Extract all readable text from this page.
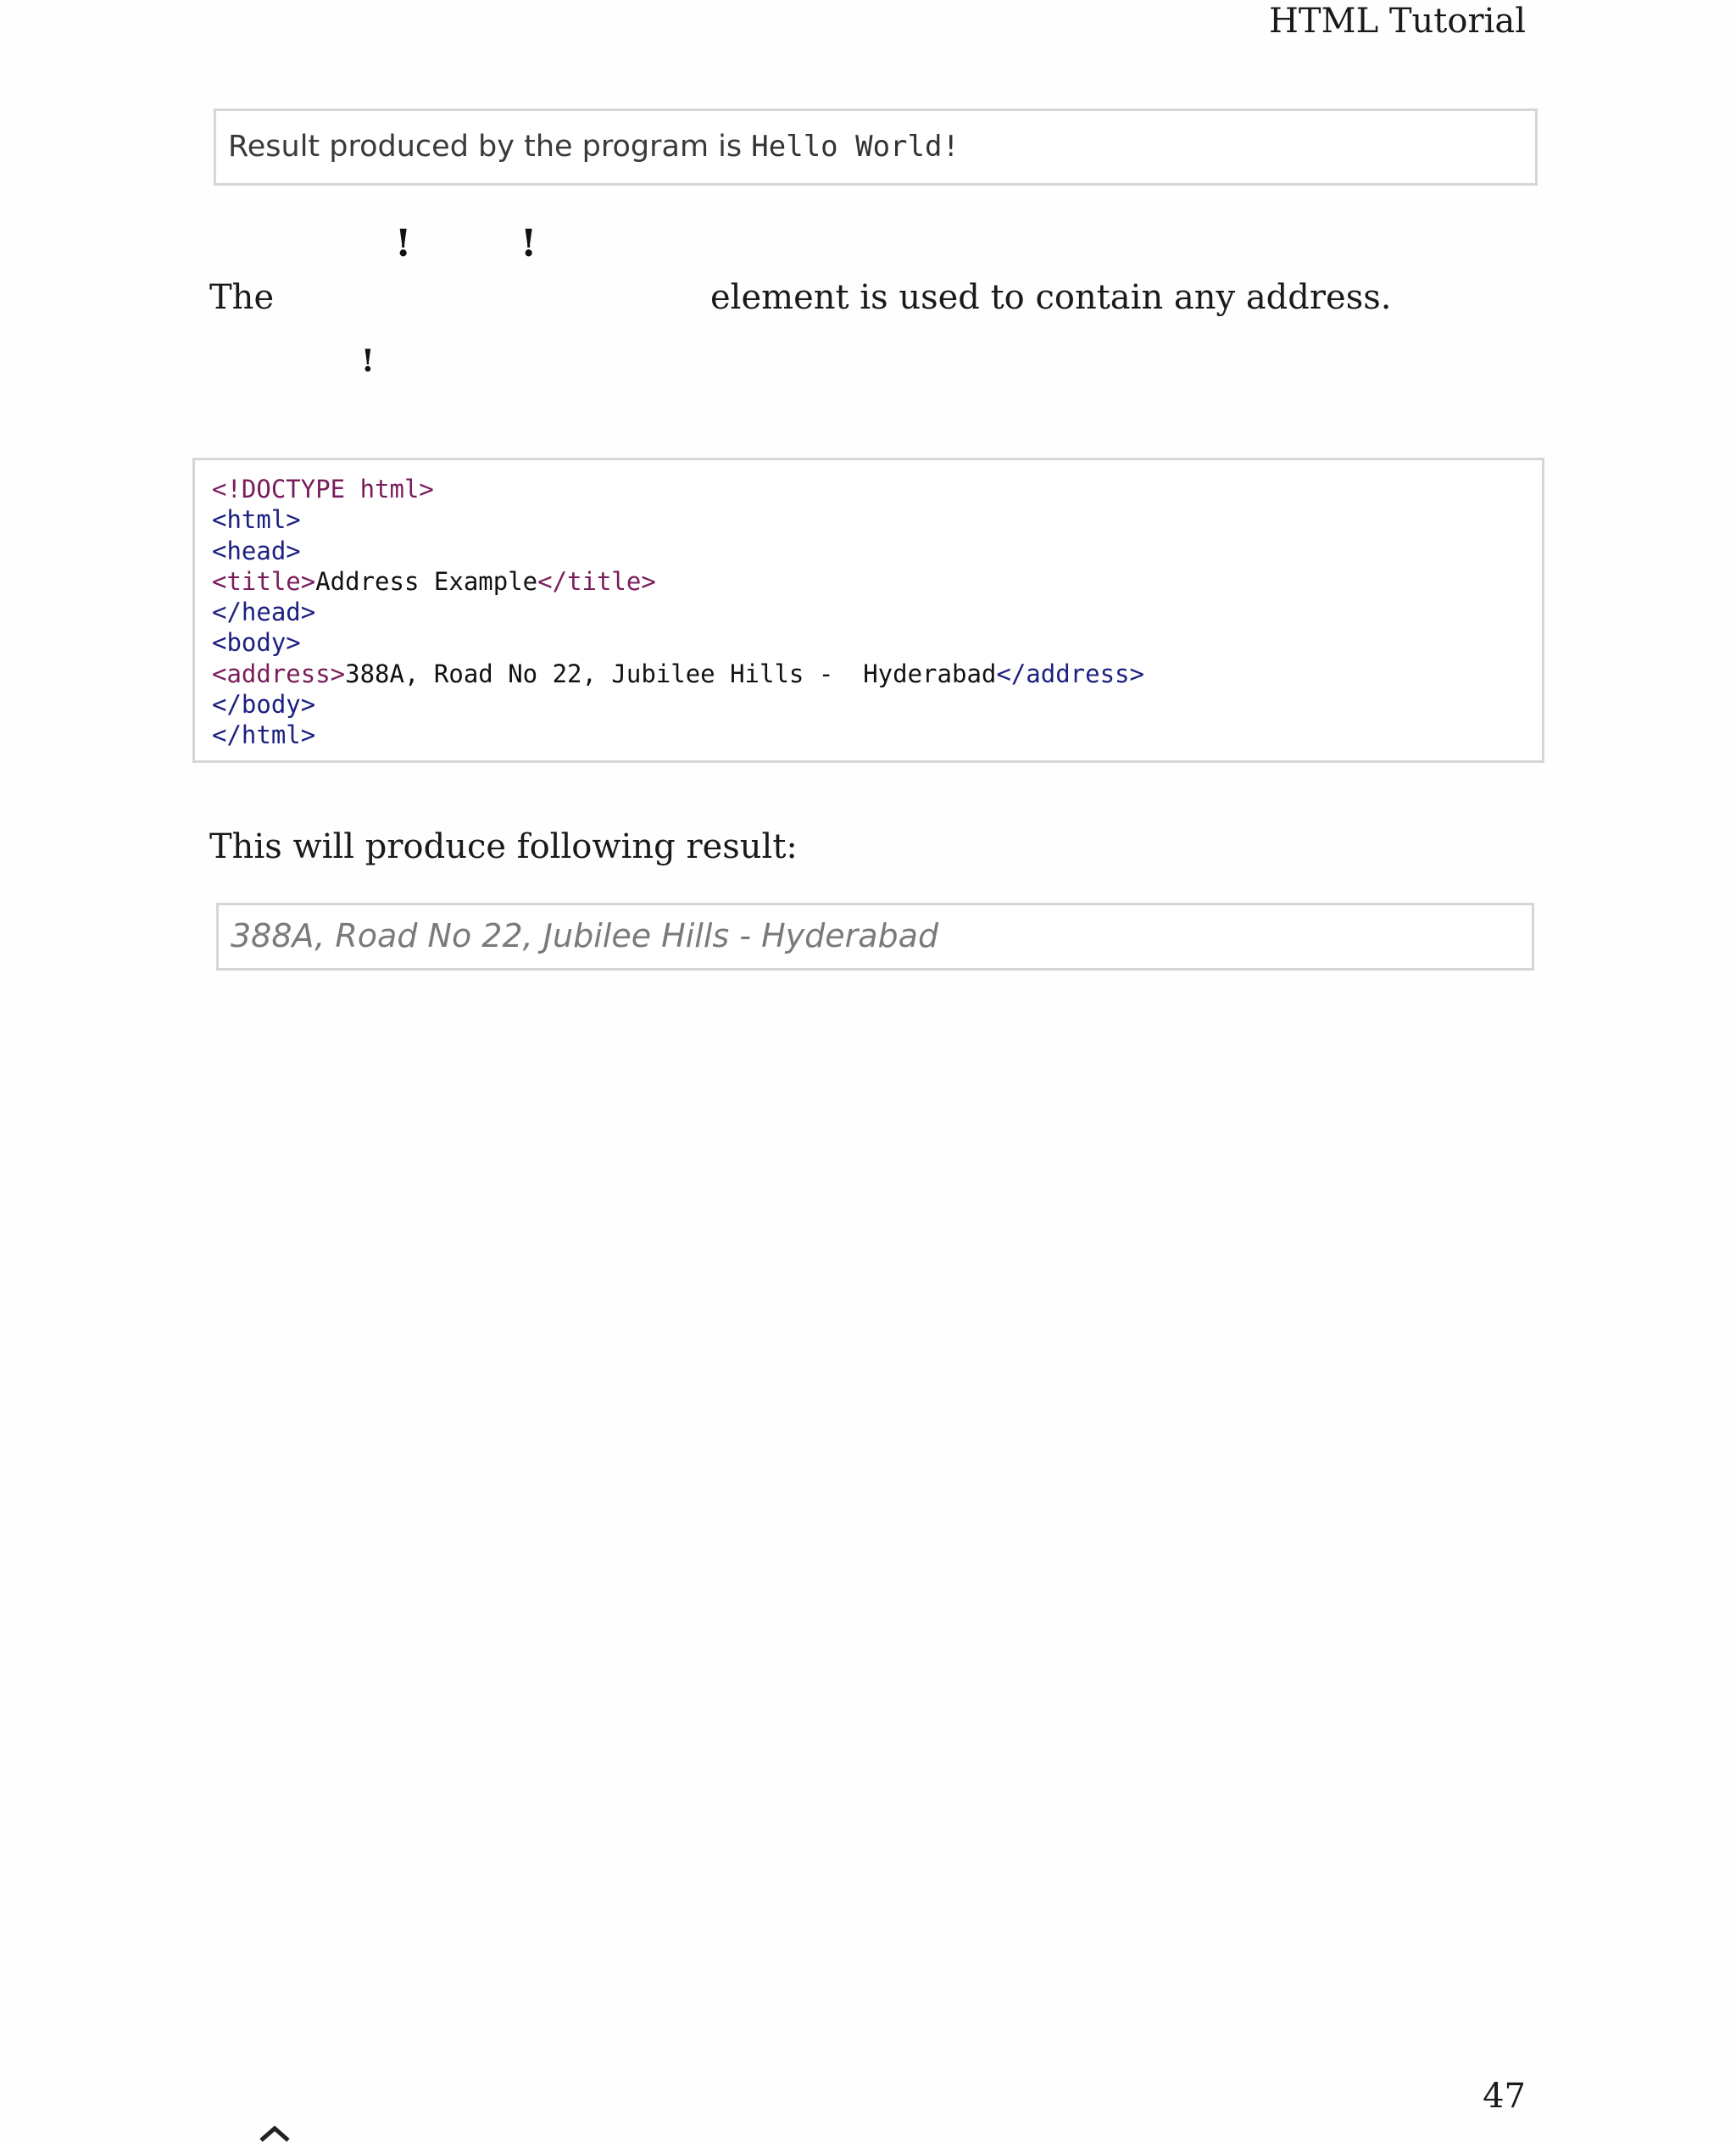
HTML Tutorial
Result produced by the program is Hello World!
!	!
The	element is used to contain any address.
!
<!DOCTYPE html>
<html>
<head>
<title>Address Example</title>
</head>
<body>
<address>388A, Road No 22, Jubilee Hills -  Hyderabad</address>
</body>
</html>
This will produce following result:
388A, Road No 22, Jubilee Hills - Hyderabad
47
